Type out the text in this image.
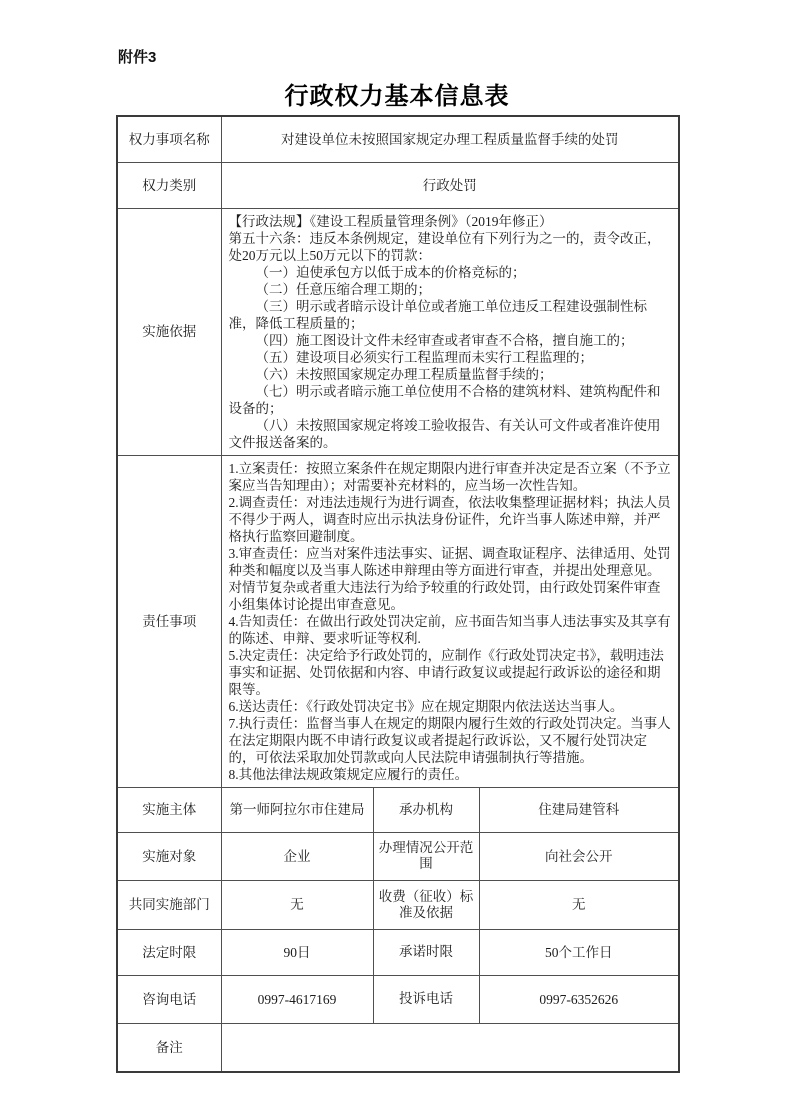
附件3
行政权力基本信息表
权力事项名称	对建设单位未按照国家规定办理工程质量监督手续的处罚		
权力类别	行政处罚		
实施依据	
【行政法规】《建设工程质量管理条例》（2019年修正）
第五十六条：违反本条例规定，建设单位有下列行为之一的，责令改正，处20万元以上50万元以下的罚款：
（一）迫使承包方以低于成本的价格竞标的；
（二）任意压缩合理工期的；
（三）明示或者暗示设计单位或者施工单位违反工程建设强制性标准，降低工程质量的；
（四）施工图设计文件未经审查或者审查不合格，擅自施工的；
（五）建设项目必须实行工程监理而未实行工程监理的；
（六）未按照国家规定办理工程质量监督手续的；
（七）明示或者暗示施工单位使用不合格的建筑材料、建筑构配件和设备的；
（八）未按照国家规定将竣工验收报告、有关认可文件或者准许使用文件报送备案的。

责任事项	
1.立案责任：按照立案条件在规定期限内进行审查并决定是否立案（不予立案应当告知理由）；对需要补充材料的，应当场一次性告知。
2.调查责任：对违法违规行为进行调查，依法收集整理证据材料；执法人员不得少于两人，调查时应出示执法身份证件，允许当事人陈述申辩，并严格执行监察回避制度。
3.审查责任：应当对案件违法事实、证据、调查取证程序、法律适用、处罚种类和幅度以及当事人陈述申辩理由等方面进行审查，并提出处理意见。对情节复杂或者重大违法行为给予较重的行政处罚，由行政处罚案件审查小组集体讨论提出审查意见。
4.告知责任：在做出行政处罚决定前，应书面告知当事人违法事实及其享有的陈述、申辩、要求听证等权利.
5.决定责任：决定给予行政处罚的，应制作《行政处罚决定书》，载明违法事实和证据、处罚依据和内容、申请行政复议或提起行政诉讼的途径和期限等。
6.送达责任：《行政处罚决定书》应在规定期限内依法送达当事人。
7.执行责任：监督当事人在规定的期限内履行生效的行政处罚决定。当事人在法定期限内既不申请行政复议或者提起行政诉讼，又不履行处罚决定的，可依法采取加处罚款或向人民法院申请强制执行等措施。
8.其他法律法规政策规定应履行的责任。

实施主体	第一师阿拉尔市住建局	承办机构	住建局建管科
实施对象	企业	办理情况公开范围	向社会公开
共同实施部门	无	收费（征收）标准及依据	无
法定时限	90日	承诺时限	50个工作日
咨询电话	0997-4617169	投诉电话	0997-6352626
备注			
